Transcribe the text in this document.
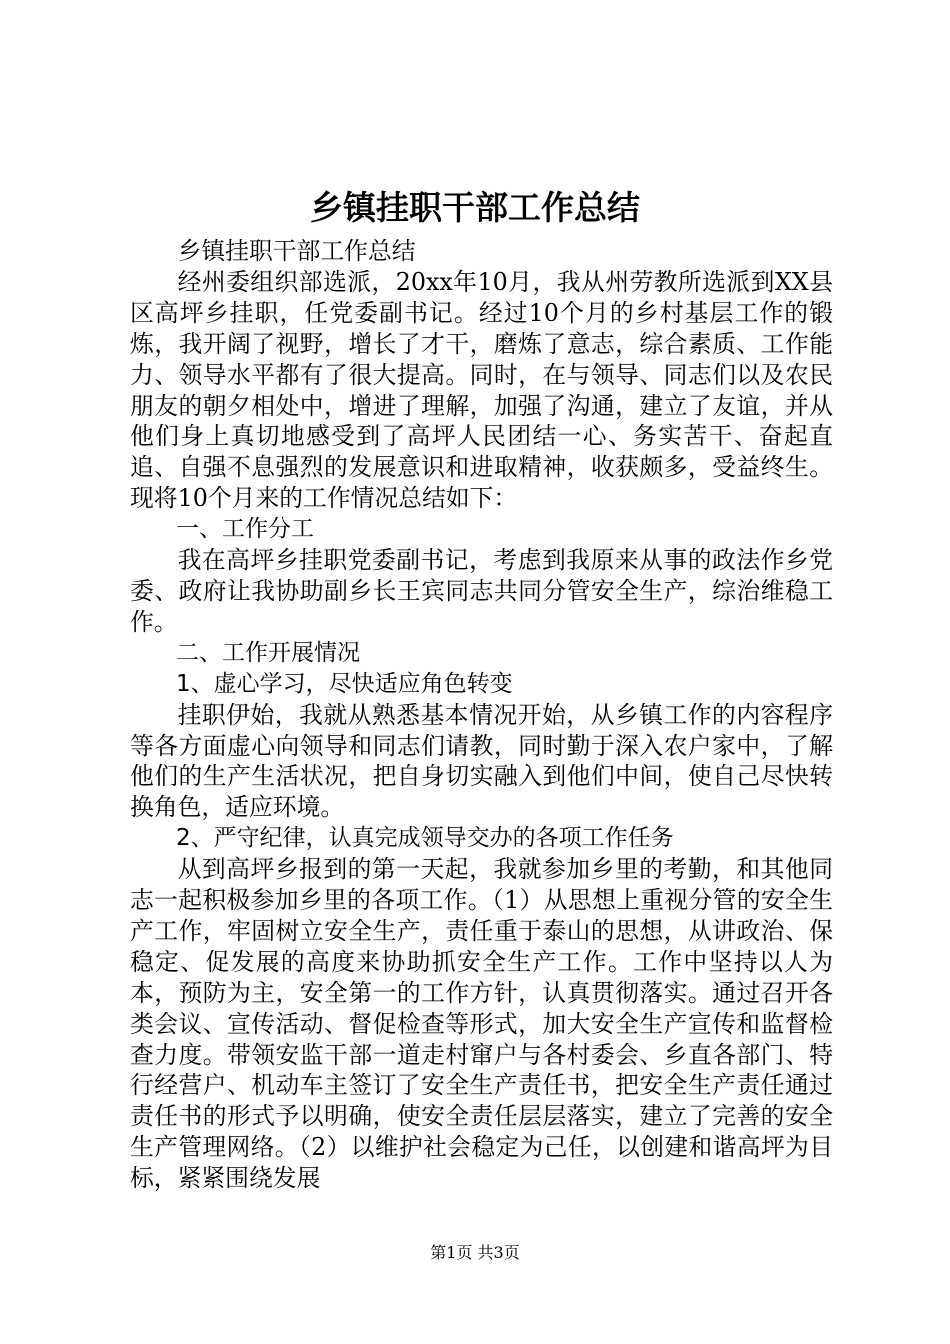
乡镇挂职干部工作总结

乡镇挂职干部工作总结

经州委组织部选派，20xx年10月，我从州劳教所选派到XX县区高坪乡挂职，任党委副书记。经过10个月的乡村基层工作的锻炼，我开阔了视野，增长了才干，磨炼了意志，综合素质、工作能力、领导水平都有了很大提高。同时，在与领导、同志们以及农民朋友的朝夕相处中，增进了理解，加强了沟通，建立了友谊，并从他们身上真切地感受到了高坪人民团结一心、务实苦干、奋起直追、自强不息强烈的发展意识和进取精神，收获颇多，受益终生。现将10个月来的工作情况总结如下：

一、工作分工

我在高坪乡挂职党委副书记，考虑到我原来从事的政法作乡党委、政府让我协助副乡长王宾同志共同分管安全生产，综治维稳工作。

二、工作开展情况

1、虚心学习，尽快适应角色转变

挂职伊始，我就从熟悉基本情况开始，从乡镇工作的内容程序等各方面虚心向领导和同志们请教，同时勤于深入农户家中，了解他们的生产生活状况，把自身切实融入到他们中间，使自己尽快转换角色，适应环境。

2、严守纪律，认真完成领导交办的各项工作任务

从到高坪乡报到的第一天起，我就参加乡里的考勤，和其他同志一起积极参加乡里的各项工作。（1）从思想上重视分管的安全生产工作，牢固树立安全生产，责任重于泰山的思想，从讲政治、保稳定、促发展的高度来协助抓安全生产工作。工作中坚持以人为本，预防为主，安全第一的工作方针，认真贯彻落实。通过召开各类会议、宣传活动、督促检查等形式，加大安全生产宣传和监督检查力度。带领安监干部一道走村窜户与各村委会、乡直各部门、特行经营户、机动车主签订了安全生产责任书，把安全生产责任通过责任书的形式予以明确，使安全责任层层落实，建立了完善的安全生产管理网络。（2）以维护社会稳定为己任，以创建和谐高坪为目标，紧紧围绕发展

第1页 共3页
